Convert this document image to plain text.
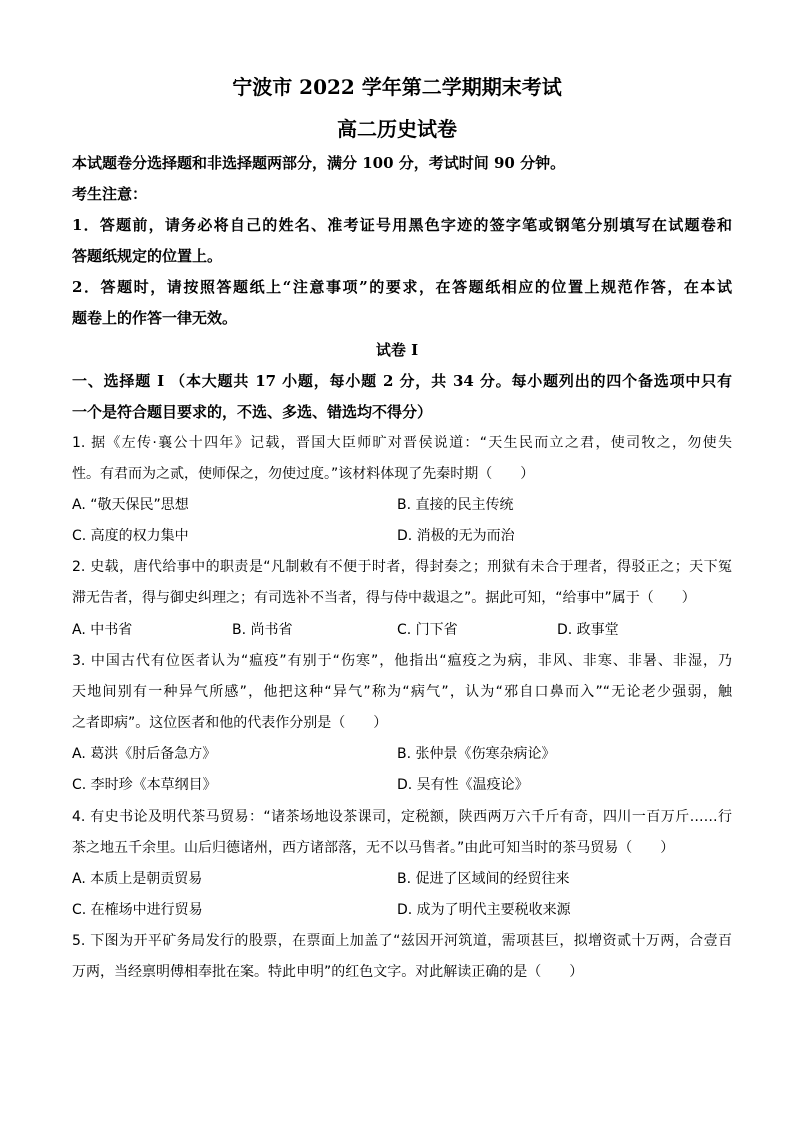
宁波市 2022 学年第二学期期末考试
高二历史试卷
本试题卷分选择题和非选择题两部分，满分 100 分，考试时间 90 分钟。
考生注意：
1．答题前，请务必将自己的姓名、准考证号用黑色字迹的签字笔或钢笔分别填写在试题卷和
答题纸规定的位置上。
2．答题时，请按照答题纸上“注意事项”的要求，在答题纸相应的位置上规范作答，在本试
题卷上的作答一律无效。
试卷 I
一、选择题 I （本大题共 17 小题，每小题 2 分，共 34 分。每小题列出的四个备选项中只有
一个是符合题目要求的，不选、多选、错选均不得分）
1. 据《左传·襄公十四年》记载，晋国大臣师旷对晋侯说道：“天生民而立之君，使司牧之，勿使失
性。有君而为之贰，使师保之，勿使过度。”该材料体现了先秦时期（　　）
A. “敬天保民”思想	B. 直接的民主传统
C. 高度的权力集中	D. 消极的无为而治
2. 史载，唐代给事中的职责是“凡制敕有不便于时者，得封奏之；刑狱有未合于理者，得驳正之；天下冤
滞无告者，得与御史纠理之；有司选补不当者，得与侍中裁退之”。据此可知，“给事中”属于（　　）
A. 中书省	B. 尚书省	C. 门下省	D. 政事堂
3. 中国古代有位医者认为“瘟疫”有别于“伤寒”，他指出“瘟疫之为病，非风、非寒、非暑、非湿，乃
天地间别有一种异气所感”，他把这种“异气”称为“病气”，认为“邪自口鼻而入”“无论老少强弱，触
之者即病”。这位医者和他的代表作分别是（　　）
A. 葛洪《肘后备急方》	B. 张仲景《伤寒杂病论》
C. 李时珍《本草纲目》	D. 吴有性《温疫论》
4. 有史书论及明代茶马贸易：“诸茶场地设茶课司，定税额，陕西两万六千斤有奇，四川一百万斤……行
茶之地五千余里。山后归德诸州，西方诸部落，无不以马售者。”由此可知当时的茶马贸易（　　）
A. 本质上是朝贡贸易	B. 促进了区域间的经贸往来
C. 在榷场中进行贸易	D. 成为了明代主要税收来源
5. 下图为开平矿务局发行的股票，在票面上加盖了“兹因开河筑道，需项甚巨，拟增资贰十万两，合壹百
万两，当经禀明傅相奉批在案。特此申明”的红色文字。对此解读正确的是（　　）
